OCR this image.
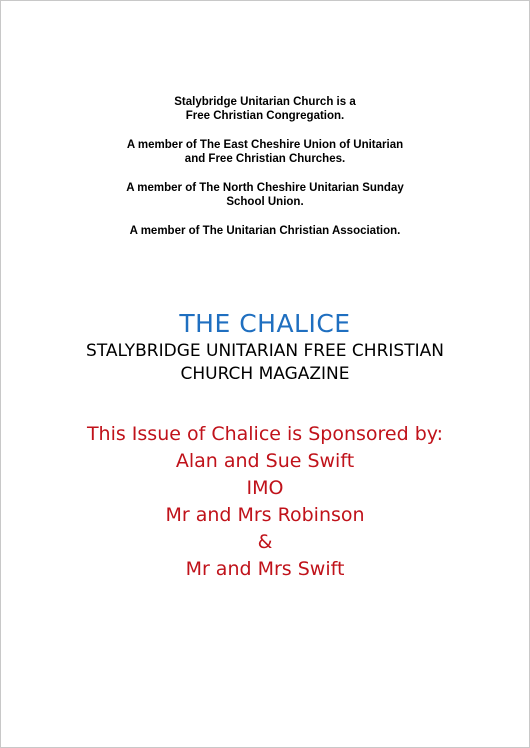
Stalybridge Unitarian Church is a
Free Christian Congregation.

A member of The East Cheshire Union of Unitarian
and Free Christian Churches.

A member of The North Cheshire Unitarian Sunday
School Union.

A member of The Unitarian Christian Association.

THE CHALICE
STALYBRIDGE UNITARIAN FREE CHRISTIAN
CHURCH MAGAZINE
This Issue of Chalice is Sponsored by:
Alan and Sue Swift
IMO
Mr and Mrs Robinson
&
Mr and Mrs Swift
